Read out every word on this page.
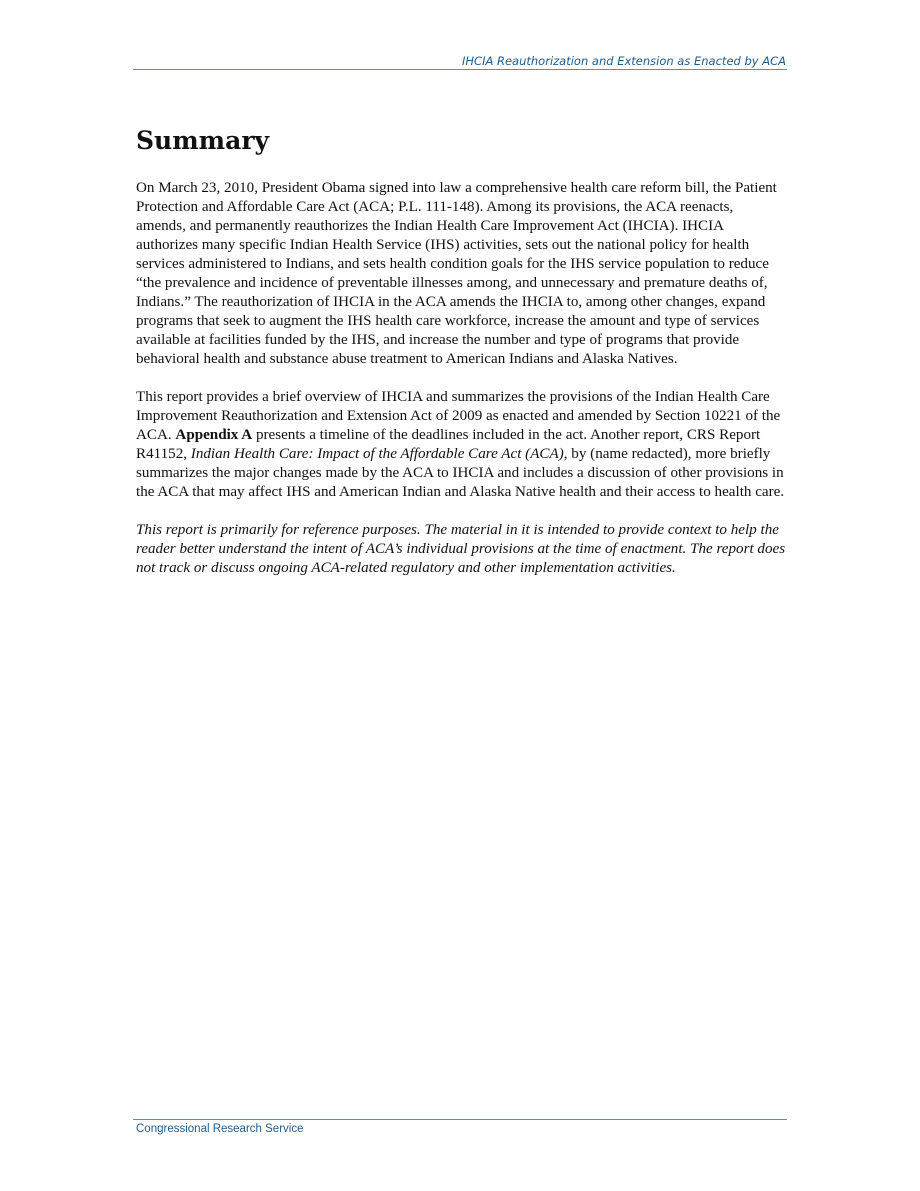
IHCIA Reauthorization and Extension as Enacted by ACA
Summary

On March 23, 2010, President Obama signed into law a comprehensive health care reform bill, the Patient Protection and Affordable Care Act (ACA; P.L. 111-148). Among its provisions, the ACA reenacts, amends, and permanently reauthorizes the Indian Health Care Improvement Act (IHCIA). IHCIA authorizes many specific Indian Health Service (IHS) activities, sets out the national policy for health services administered to Indians, and sets health condition goals for the IHS service population to reduce “the prevalence and incidence of preventable illnesses among, and unnecessary and premature deaths of, Indians.” The reauthorization of IHCIA in the ACA amends the IHCIA to, among other changes, expand programs that seek to augment the IHS health care workforce, increase the amount and type of services available at facilities funded by the IHS, and increase the number and type of programs that provide behavioral health and substance abuse treatment to American Indians and Alaska Natives.

This report provides a brief overview of IHCIA and summarizes the provisions of the Indian Health Care Improvement Reauthorization and Extension Act of 2009 as enacted and amended by Section 10221 of the ACA. Appendix A presents a timeline of the deadlines included in the act. Another report, CRS Report R41152, Indian Health Care: Impact of the Affordable Care Act (ACA), by (name redacted), more briefly summarizes the major changes made by the ACA to IHCIA and includes a discussion of other provisions in the ACA that may affect IHS and American Indian and Alaska Native health and their access to health care.

This report is primarily for reference purposes. The material in it is intended to provide context to help the reader better understand the intent of ACA’s individual provisions at the time of enactment. The report does not track or discuss ongoing ACA-related regulatory and other implementation activities.

Congressional Research Service
